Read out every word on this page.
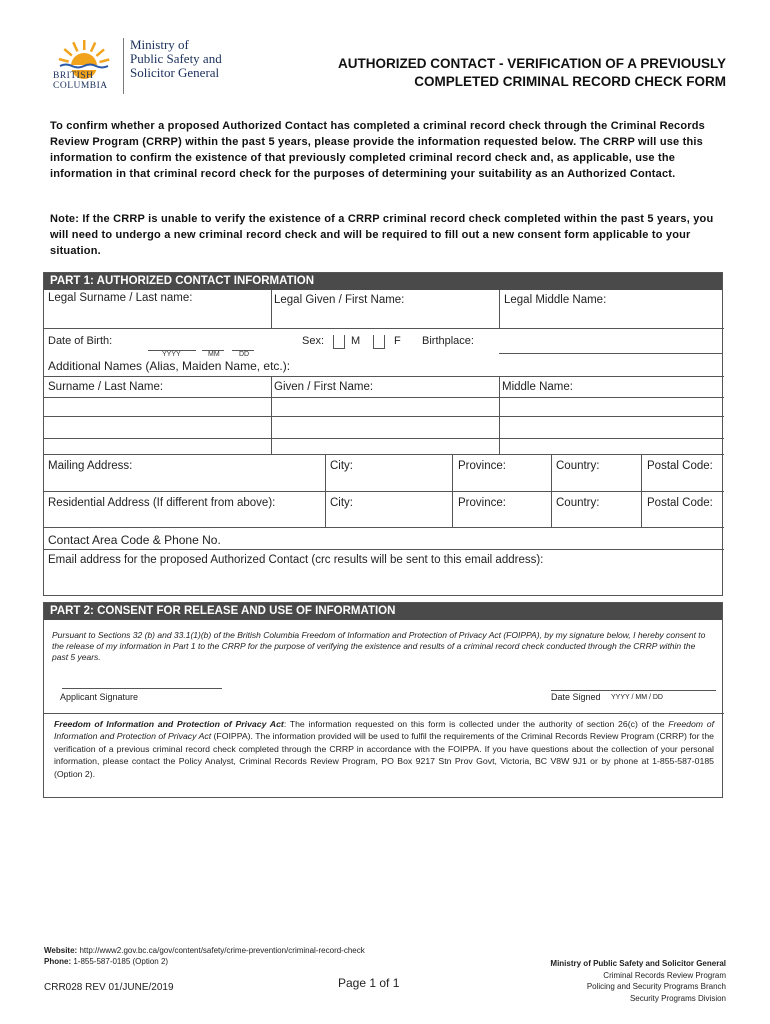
BRITISH
COLUMBIA
Ministry of
Public Safety and
Solicitor General
AUTHORIZED CONTACT - VERIFICATION OF A PREVIOUSLY
COMPLETED CRIMINAL RECORD CHECK FORM
To confirm whether a proposed Authorized Contact has completed a criminal record check through the Criminal Records Review Program (CRRP) within the past 5 years, please provide the information requested below. The CRRP will use this information to confirm the existence of that previously completed criminal record check and, as applicable, use the information in that criminal record check for the purposes of determining your suitability as an Authorized Contact.
Note: If the CRRP is unable to verify the existence of a CRRP criminal record check completed within the past 5 years, you will need to undergo a new criminal record check and will be required to fill out a new consent form applicable to your situation.
PART 1: AUTHORIZED CONTACT INFORMATION
Legal Surname / Last name:	Legal Given / First Name:	Legal Middle Name:
Date of Birth:
YYYY	MM	DD
Sex: M	F Birthplace:
Additional Names (Alias, Maiden Name, etc.):
Surname / Last Name:	Given / First Name:	Middle Name:
Mailing Address:	City:	Province:	Country:	Postal Code:
Residential Address (If different from above):	City:	Province:	Country:	Postal Code:
Contact Area Code & Phone No.
Email address for the proposed Authorized Contact (crc results will be sent to this email address):
PART 2: CONSENT FOR RELEASE AND USE OF INFORMATION
Pursuant to Sections 32 (b) and 33.1(1)(b) of the British Columbia Freedom of Information and Protection of Privacy Act (FOIPPA), by my signature below, I hereby consent to the release of my information in Part 1 to the CRRP for the purpose of verifying the existence and results of a criminal record check conducted through the CRRP within the past 5 years.
Applicant Signature	Date Signed YYYY / MM / DD
Freedom of Information and Protection of Privacy Act: The information requested on this form is collected under the authority of section 26(c) of the Freedom of Information and Protection of Privacy Act (FOIPPA). The information provided will be used to fulfil the requirements of the Criminal Records Review Program (CRRP) for the verification of a previous criminal record check completed through the CRRP in accordance with the FOIPPA. If you have questions about the collection of your personal information, please contact the Policy Analyst, Criminal Records Review Program, PO Box 9217 Stn Prov Govt, Victoria, BC V8W 9J1 or by phone at 1-855-587-0185 (Option 2).
Website: http://www2.gov.bc.ca/gov/content/safety/crime-prevention/criminal-record-check
Phone: 1-855-587-0185 (Option 2)
CRR028 REV 01/JUNE/2019	Page 1 of 1
Ministry of Public Safety and Solicitor General
Criminal Records Review Program
Policing and Security Programs Branch
Security Programs Division
